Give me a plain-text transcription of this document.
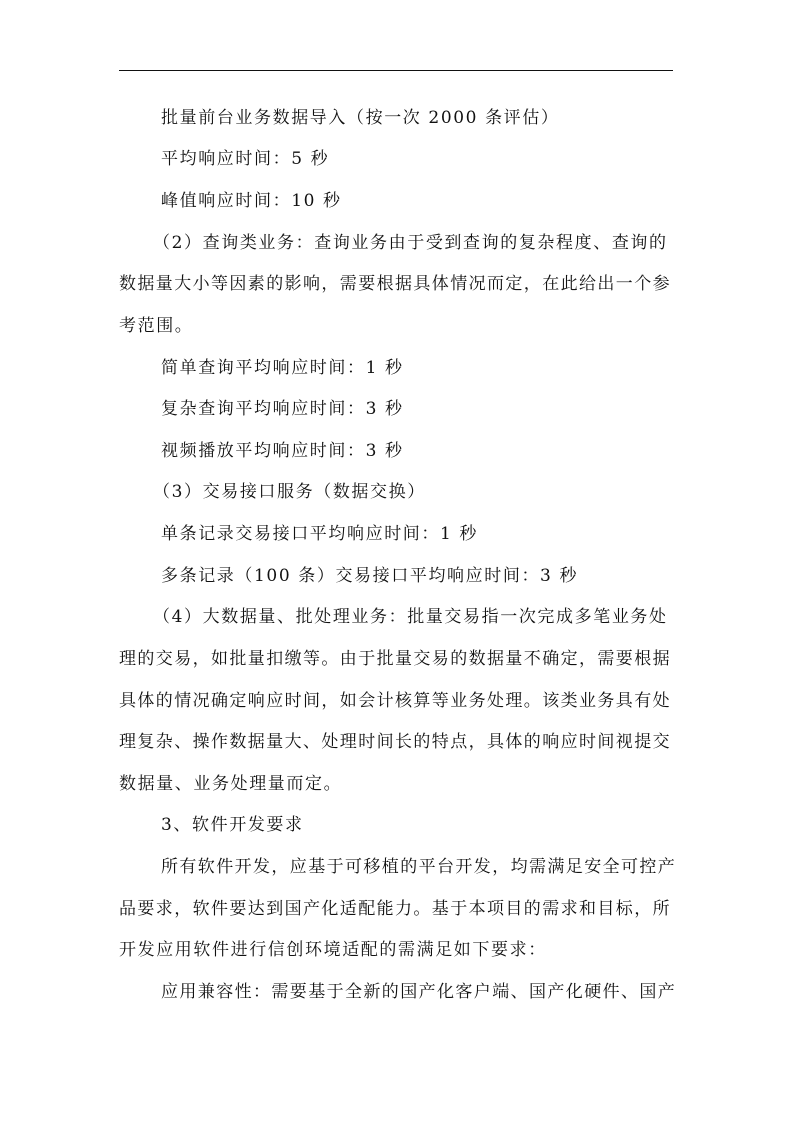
批量前台业务数据导入（按一次 2000 条评估）
平均响应时间：5 秒
峰值响应时间：10 秒
（2）查询类业务：查询业务由于受到查询的复杂程度、查询的
数据量大小等因素的影响，需要根据具体情况而定，在此给出一个参
考范围。
简单查询平均响应时间：1 秒
复杂查询平均响应时间：3 秒
视频播放平均响应时间：3 秒
（3）交易接口服务（数据交换）
单条记录交易接口平均响应时间：1 秒
多条记录（100 条）交易接口平均响应时间：3 秒
（4）大数据量、批处理业务：批量交易指一次完成多笔业务处
理的交易，如批量扣缴等。由于批量交易的数据量不确定，需要根据
具体的情况确定响应时间，如会计核算等业务处理。该类业务具有处
理复杂、操作数据量大、处理时间长的特点，具体的响应时间视提交
数据量、业务处理量而定。
3、软件开发要求
所有软件开发，应基于可移植的平台开发，均需满足安全可控产
品要求，软件要达到国产化适配能力。基于本项目的需求和目标，所
开发应用软件进行信创环境适配的需满足如下要求：
应用兼容性：需要基于全新的国产化客户端、国产化硬件、国产
